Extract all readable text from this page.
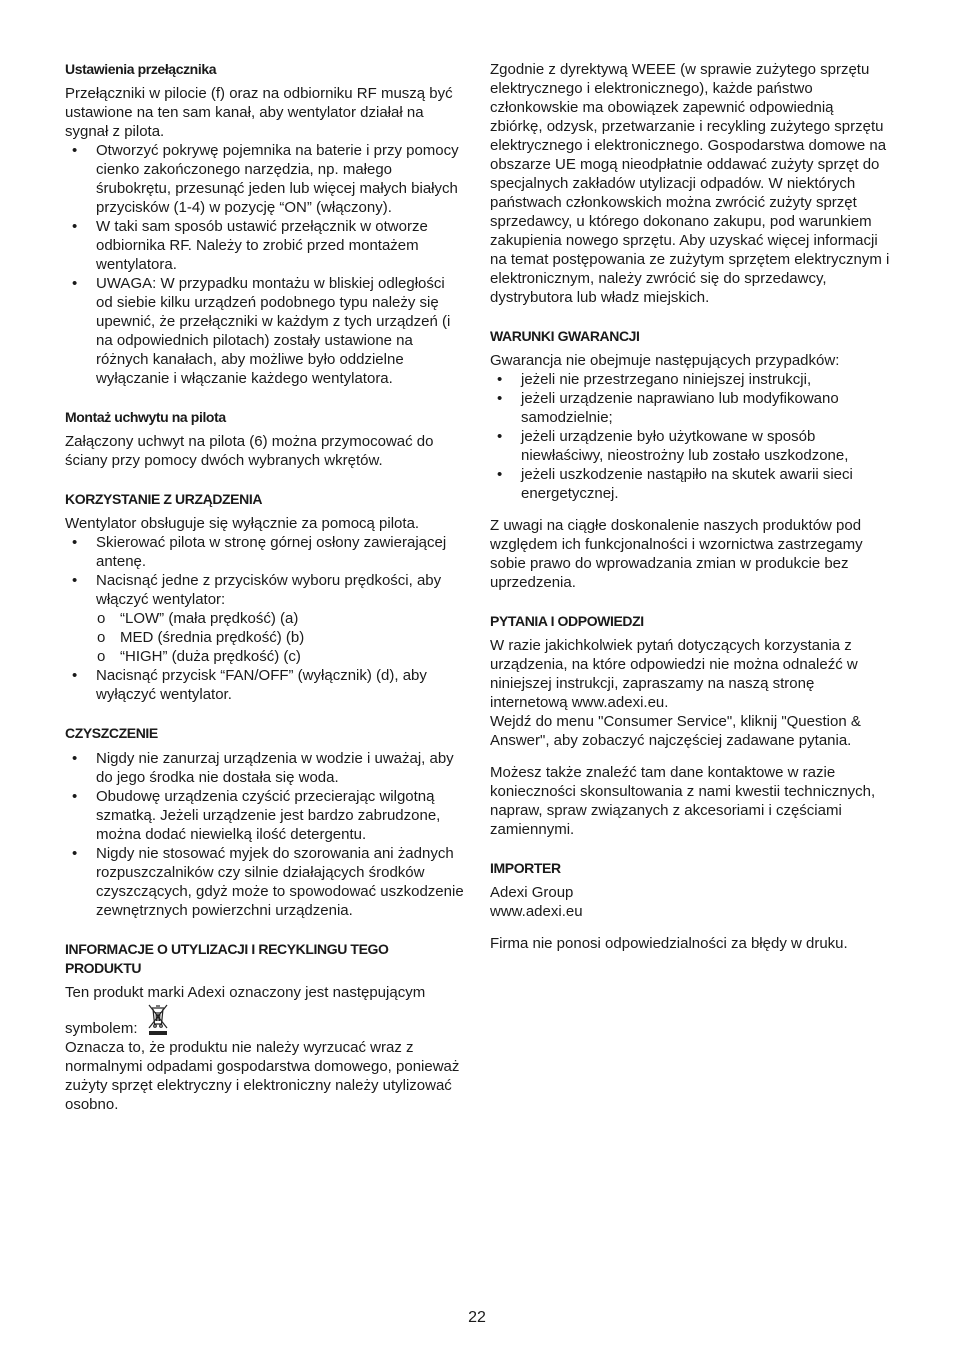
Ustawienia przełącznika

Przełączniki w pilocie (f) oraz na odbiorniku RF muszą być ustawione na ten sam kanał, aby wentylator działał na sygnał z pilota.

• Otworzyć pokrywę pojemnika na baterie i przy pomocy cienko zakończonego narzędzia, np. małego śrubokrętu, przesunąć jeden lub więcej małych białych przycisków (1-4) w pozycję “ON” (włączony).
• W taki sam sposób ustawić przełącznik w otworze odbiornika RF. Należy to zrobić przed montażem wentylatora.
• UWAGA: W przypadku montażu w bliskiej odległości od siebie kilku urządzeń podobnego typu należy się upewnić, że przełączniki w każdym z tych urządzeń (i na odpowiednich pilotach) zostały ustawione na różnych kanałach, aby możliwe było oddzielne wyłączanie i włączanie każdego wentylatora.
Montaż uchwytu na pilota

Załączony uchwyt na pilota (6) można przymocować do ściany przy pomocy dwóch wybranych wkrętów.

KORZYSTANIE Z URZĄDZENIA

Wentylator obsługuje się wyłącznie za pomocą pilota.

• Skierować pilota w stronę górnej osłony zawierającej antenę.
• Nacisnąć jedne z przycisków wyboru prędkości, aby włączyć wentylator:
o “LOW” (mała prędkość) (a)
o MED (średnia prędkość) (b)
o “HIGH” (duża prędkość) (c)
• Nacisnąć przycisk “FAN/OFF” (wyłącznik) (d), aby wyłączyć wentylator.
CZYSZCZENIE
• Nigdy nie zanurzaj urządzenia w wodzie i uważaj, aby do jego środka nie dostała się woda.
• Obudowę urządzenia czyścić przecierając wilgotną szmatką. Jeżeli urządzenie jest bardzo zabrudzone, można dodać niewielką ilość detergentu.
• Nigdy nie stosować myjek do szorowania ani żadnych rozpuszczalników czy silnie działających środków czyszczących, gdyż może to spowodować uszkodzenie zewnętrznych powierzchni urządzenia.
INFORMACJE O UTYLIZACJI I RECYKLINGU TEGO PRODUKTU

Ten produkt marki Adexi oznaczony jest następującym

symbolem:

Oznacza to, że produktu nie należy wyrzucać wraz z normalnymi odpadami gospodarstwa domowego, ponieważ zużyty sprzęt elektryczny i elektroniczny należy utylizować osobno.

Zgodnie z dyrektywą WEEE (w sprawie zużytego sprzętu elektrycznego i elektronicznego), każde państwo członkowskie ma obowiązek zapewnić odpowiednią zbiórkę, odzysk, przetwarzanie i recykling zużytego sprzętu elektrycznego i elektronicznego. Gospodarstwa domowe na obszarze UE mogą nieodpłatnie oddawać zużyty sprzęt do specjalnych zakładów utylizacji odpadów. W niektórych państwach członkowskich można zwrócić zużyty sprzęt sprzedawcy, u którego dokonano zakupu, pod warunkiem zakupienia nowego sprzętu. Aby uzyskać więcej informacji na temat postępowania ze zużytym sprzętem elektrycznym i elektronicznym, należy zwrócić się do sprzedawcy, dystrybutora lub władz miejskich.

WARUNKI GWARANCJI

Gwarancja nie obejmuje następujących przypadków:

• jeżeli nie przestrzegano niniejszej instrukcji,
• jeżeli urządzenie naprawiano lub modyfikowano samodzielnie;
• jeżeli urządzenie było użytkowane w sposób niewłaściwy, nieostrożny lub zostało uszkodzone,
• jeżeli uszkodzenie nastąpiło na skutek awarii sieci energetycznej.

Z uwagi na ciągłe doskonalenie naszych produktów pod względem ich funkcjonalności i wzornictwa zastrzegamy sobie prawo do wprowadzania zmian w produkcie bez uprzedzenia.

PYTANIA I ODPOWIEDZI

W razie jakichkolwiek pytań dotyczących korzystania z urządzenia, na które odpowiedzi nie można odnaleźć w niniejszej instrukcji, zapraszamy na naszą stronę internetową www.adexi.eu.

Wejdź do menu "Consumer Service", kliknij "Question & Answer", aby zobaczyć najczęściej zadawane pytania.

Możesz także znaleźć tam dane kontaktowe w razie konieczności skonsultowania z nami kwestii technicznych, napraw, spraw związanych z akcesoriami i częściami zamiennymi.

IMPORTER

Adexi Group

www.adexi.eu

Firma nie ponosi odpowiedzialności za błędy w druku.

22
